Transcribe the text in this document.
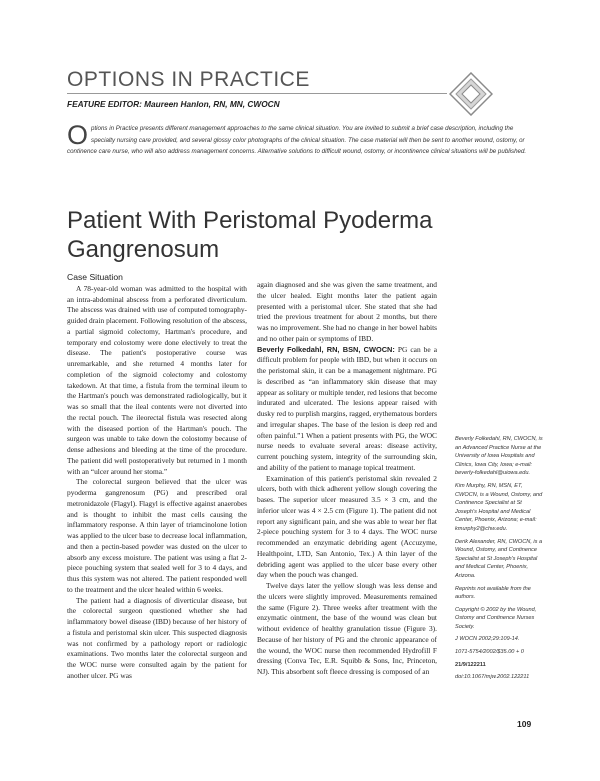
OPTIONS IN PRACTICE
FEATURE EDITOR: Maureen Hanlon, RN, MN, CWOCN

Options in Practice presents different management approaches to the same clinical situation. You are invited to submit a brief case description, including the specialty nursing care provided, and several glossy color photographs of the clinical situation. The case material will then be sent to another wound, ostomy, or continence care nurse, who will also address management concerns. Alternative solutions to difficult wound, ostomy, or incontinence clinical situations will be published.

Patient With Peristomal Pyoderma Gangrenosum
Case Situation

A 78-year-old woman was admitted to the hospital with an intra-abdominal abscess from a perforated diverticulum. The abscess was drained with use of computed tomography-guided drain placement. Following resolution of the abscess, a partial sigmoid colectomy, Hartman's procedure, and temporary end colostomy were done electively to treat the disease. The patient's postoperative course was unremarkable, and she returned 4 months later for completion of the sigmoid colectomy and colostomy takedown. At that time, a fistula from the terminal ileum to the Hartman's pouch was demonstrated radiologically, but it was so small that the ileal contents were not diverted into the rectal pouch. The ileorectal fistula was resected along with the diseased portion of the Hartman's pouch. The surgeon was unable to take down the colostomy because of dense adhesions and bleeding at the time of the procedure. The patient did well postoperatively but returned in 1 month with an “ulcer around her stoma.”

The colorectal surgeon believed that the ulcer was pyoderma gangrenosum (PG) and prescribed oral metronidazole (Flagyl). Flagyl is effective against anaerobes and is thought to inhibit the mast cells causing the inflammatory response. A thin layer of triamcinolone lotion was applied to the ulcer base to decrease local inflammation, and then a pectin-based powder was dusted on the ulcer to absorb any excess moisture. The patient was using a flat 2-piece pouching system that sealed well for 3 to 4 days, and thus this system was not altered. The patient responded well to the treatment and the ulcer healed within 6 weeks.

The patient had a diagnosis of diverticular disease, but the colorectal surgeon questioned whether she had inflammatory bowel disease (IBD) because of her history of a fistula and peristomal skin ulcer. This suspected diagnosis was not confirmed by a pathology report or radiologic examinations. Two months later the colorectal surgeon and the WOC nurse were consulted again by the patient for another ulcer. PG was

again diagnosed and she was given the same treatment, and the ulcer healed. Eight months later the patient again presented with a peristomal ulcer. She stated that she had tried the previous treatment for about 2 months, but there was no improvement. She had no change in her bowel habits and no other pain or symptoms of IBD.

Beverly Folkedahl, RN, BSN, CWOCN: PG can be a difficult problem for people with IBD, but when it occurs on the peristomal skin, it can be a management nightmare. PG is described as “an inflammatory skin disease that may appear as solitary or multiple tender, red lesions that become indurated and ulcerated. The lesions appear raised with dusky red to purplish margins, ragged, erythematous borders and irregular shapes. The base of the lesion is deep red and often painful.”1 When a patient presents with PG, the WOC nurse needs to evaluate several areas: disease activity, current pouching system, integrity of the surrounding skin, and ability of the patient to manage topical treatment.

Examination of this patient's peristomal skin revealed 2 ulcers, both with thick adherent yellow slough covering the bases. The superior ulcer measured 3.5 × 3 cm, and the inferior ulcer was 4 × 2.5 cm (Figure 1). The patient did not report any significant pain, and she was able to wear her flat 2-piece pouching system for 3 to 4 days. The WOC nurse recommended an enzymatic debriding agent (Accuzyme, Healthpoint, LTD, San Antonio, Tex.) A thin layer of the debriding agent was applied to the ulcer base every other day when the pouch was changed.

Twelve days later the yellow slough was less dense and the ulcers were slightly improved. Measurements remained the same (Figure 2). Three weeks after treatment with the enzymatic ointment, the base of the wound was clean but without evidence of healthy granulation tissue (Figure 3). Because of her history of PG and the chronic appearance of the wound, the WOC nurse then recommended Hydrofill F dressing (Conva Tec, E.R. Squibb & Sons, Inc, Princeton, NJ). This absorbent soft fleece dressing is composed of an

Beverly Folkedahl, RN, CWOCN, is an Advanced Practice Nurse at the University of Iowa Hospitals and Clinics, Iowa City, Iowa; e-mail: beverly-folkedahl@uiowa.edu.

Kim Murphy, RN, MSN, ET, CWOCN, is a Wound, Ostomy, and Continence Specialist at St Joseph's Hospital and Medical Center, Phoenix, Arizona; e-mail: kmurphy2@chw.edu.

Derik Alexander, RN, CWOCN, is a Wound, Ostomy, and Continence Specialist at St Joseph's Hospital and Medical Center, Phoenix, Arizona.

Reprints not available from the authors.

Copyright © 2002 by the Wound, Ostomy and Continence Nurses Society.

J WOCN 2002;29:109-14.

1071-5754/2002/$35.00 + 0

21/9/122211

doi:10.1067/mjw.2002.122211

109
